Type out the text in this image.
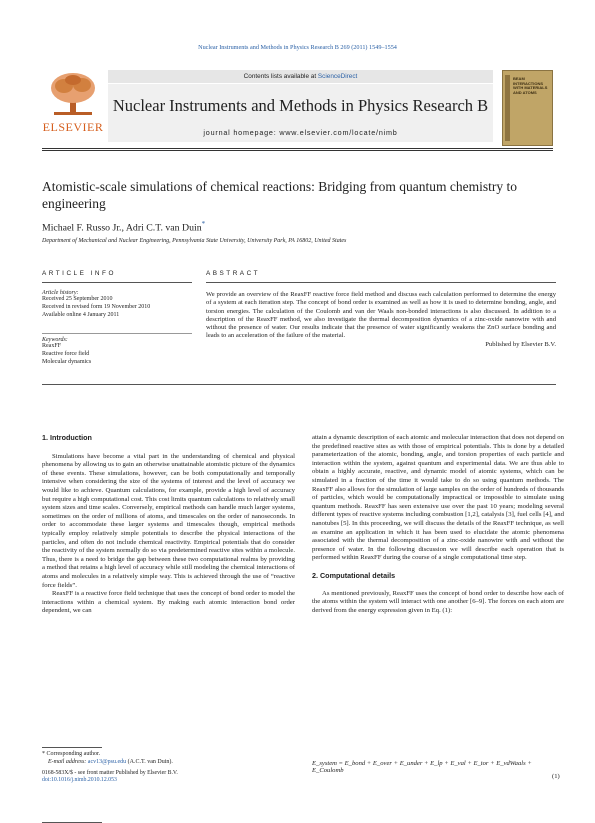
Nuclear Instruments and Methods in Physics Research B 269 (2011) 1549–1554
ELSEVIER
Contents lists available at ScienceDirect
Nuclear Instruments and Methods in Physics Research B
journal homepage: www.elsevier.com/locate/nimb
BEAM INTERACTIONS WITH MATERIALS AND ATOMS
Atomistic-scale simulations of chemical reactions: Bridging from quantum chemistry to engineering
Michael F. Russo Jr., Adri C.T. van Duin*
Department of Mechanical and Nuclear Engineering, Pennsylvania State University, University Park, PA 16802, United States
ARTICLE INFO	ABSTRACT
Article history:
Received 25 September 2010
Received in revised form 19 November 2010
Available online 4 January 2011
Keywords:
ReaxFF
Reactive force field
Molecular dynamics

We provide an overview of the ReaxFF reactive force field method and discuss each calculation performed to determine the energy of a system at each iteration step. The concept of bond order is examined as well as how it is used to determine bonding, angle, and torsion energies. The calculation of the Coulomb and van der Waals non-bonded interactions is also discussed. In addition to a description of the ReaxFF method, we also investigate the thermal decomposition dynamics of a zinc-oxide nanowire with and without the presence of water. Our results indicate that the presence of water significantly weakens the ZnO surface bonding and leads to an acceleration of the failure of the material.

Published by Elsevier B.V.

1. Introduction

Simulations have become a vital part in the understanding of chemical and physical phenomena by allowing us to gain an otherwise unattainable atomistic picture of the dynamics of these events. These simulations, however, can be both computationally and temporally intensive when considering the size of the systems of interest and the level of accuracy we would like to achieve. Quantum calculations, for example, provide a high level of accuracy but require a high computational cost. This cost limits quantum calculations to relatively small system sizes and time scales. Conversely, empirical methods can handle much larger systems, sometimes on the order of millions of atoms, and timescales on the order of nanoseconds. In order to accommodate these larger systems and timescales though, empirical methods typically employ relatively simple potentials to describe the physical interactions of the particles, and often do not include chemical reactivity. Empirical potentials that do consider the reactivity of the system normally do so via predetermined reactive sites within a molecule. Thus, there is a need to bridge the gap between these two computational realms by providing a method that retains a high level of accuracy while still modeling the chemical interactions of atoms and molecules in a relatively simple way. This is achieved through the use of “reactive force fields”.

ReaxFF is a reactive force field technique that uses the concept of bond order to model the interactions within a chemical system. By making each atomic interaction bond order dependent, we can

* Corresponding author.
E-mail address: acv13@psu.edu (A.C.T. van Duin).
0168-583X/$ - see front matter Published by Elsevier B.V.
doi:10.1016/j.nimb.2010.12.053

attain a dynamic description of each atomic and molecular interaction that does not depend on the predefined reactive sites as with those of empirical potentials. This is done by a detailed parameterization of the atomic, bonding, angle, and torsion properties of each particle and interaction within the system, against quantum and experimental data. We are thus able to obtain a highly accurate, reactive, and dynamic model of atomic systems, which can be simulated in a fraction of the time it would take to do so using quantum methods. The ReaxFF also allows for the simulation of large samples on the order of hundreds of thousands of particles, which would be computationally impractical or impossible to simulate using quantum methods. ReaxFF has seen extensive use over the past 10 years; modeling several different types of reactive systems including combustion [1,2], catalysis [3], fuel cells [4], and nanotubes [5]. In this proceeding, we will discuss the details of the ReaxFF technique, as well as examine an application in which it has been used to elucidate the atomic phenomena associated with the thermal decomposition of a zinc-oxide nanowire with and without the presence of water. In the following discussion we will describe each operation that is performed within ReaxFF during the course of a single computational time step.

2. Computational details

As mentioned previously, ReaxFF uses the concept of bond order to describe how each of the atoms within the system will interact with one another [6–9]. The forces on each atom are derived from the energy expression given in Eq. (1):

E_system = E_bond + E_over + E_under + E_lp + E_val + E_tor + E_vdWaals + E_Coulomb
(1)
